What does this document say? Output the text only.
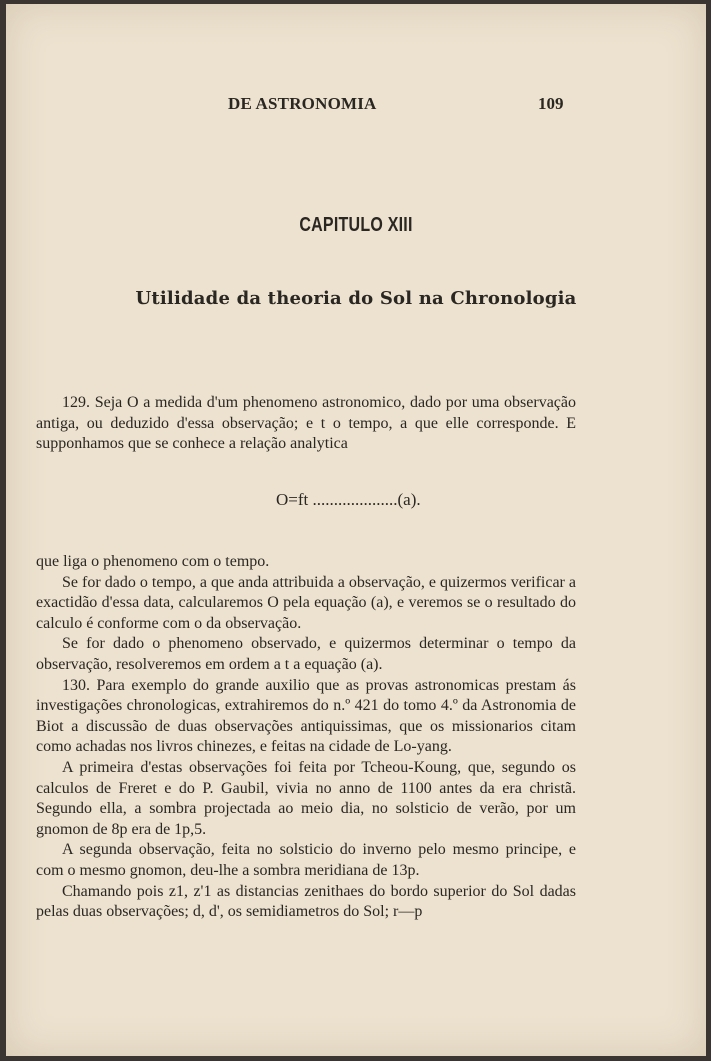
DE ASTRONOMIA	109
CAPITULO XIII
Utilidade da theoria do Sol na Chronologia

129. Seja O a medida d'um phenomeno astronomico, dado por uma observação antiga, ou deduzido d'essa observação; e t o tempo, a que elle corresponde. E supponhamos que se conhece a relação analytica

O=ft ....................(a).

que liga o phenomeno com o tempo.

Se for dado o tempo, a que anda attribuida a observação, e quizermos verificar a exactidão d'essa data, calcularemos O pela equação (a), e veremos se o resultado do calculo é conforme com o da observação.

Se for dado o phenomeno observado, e quizermos determinar o tempo da observação, resolveremos em ordem a t a equação (a).

130. Para exemplo do grande auxilio que as provas astronomicas prestam ás investigações chronologicas, extrahiremos do n.º 421 do tomo 4.º da Astronomia de Biot a discussão de duas observações antiquissimas, que os missionarios citam como achadas nos livros chinezes, e feitas na cidade de Lo-yang.

A primeira d'estas observações foi feita por Tcheou-Koung, que, segundo os calculos de Freret e do P. Gaubil, vivia no anno de 1100 antes da era christã. Segundo ella, a sombra projectada ao meio dia, no solsticio de verão, por um gnomon de 8p era de 1p,5.

A segunda observação, feita no solsticio do inverno pelo mesmo principe, e com o mesmo gnomon, deu-lhe a sombra meridiana de 13p.

Chamando pois z1, z'1 as distancias zenithaes do bordo superior do Sol dadas pelas duas observações; d, d', os semidiametros do Sol; r—p
